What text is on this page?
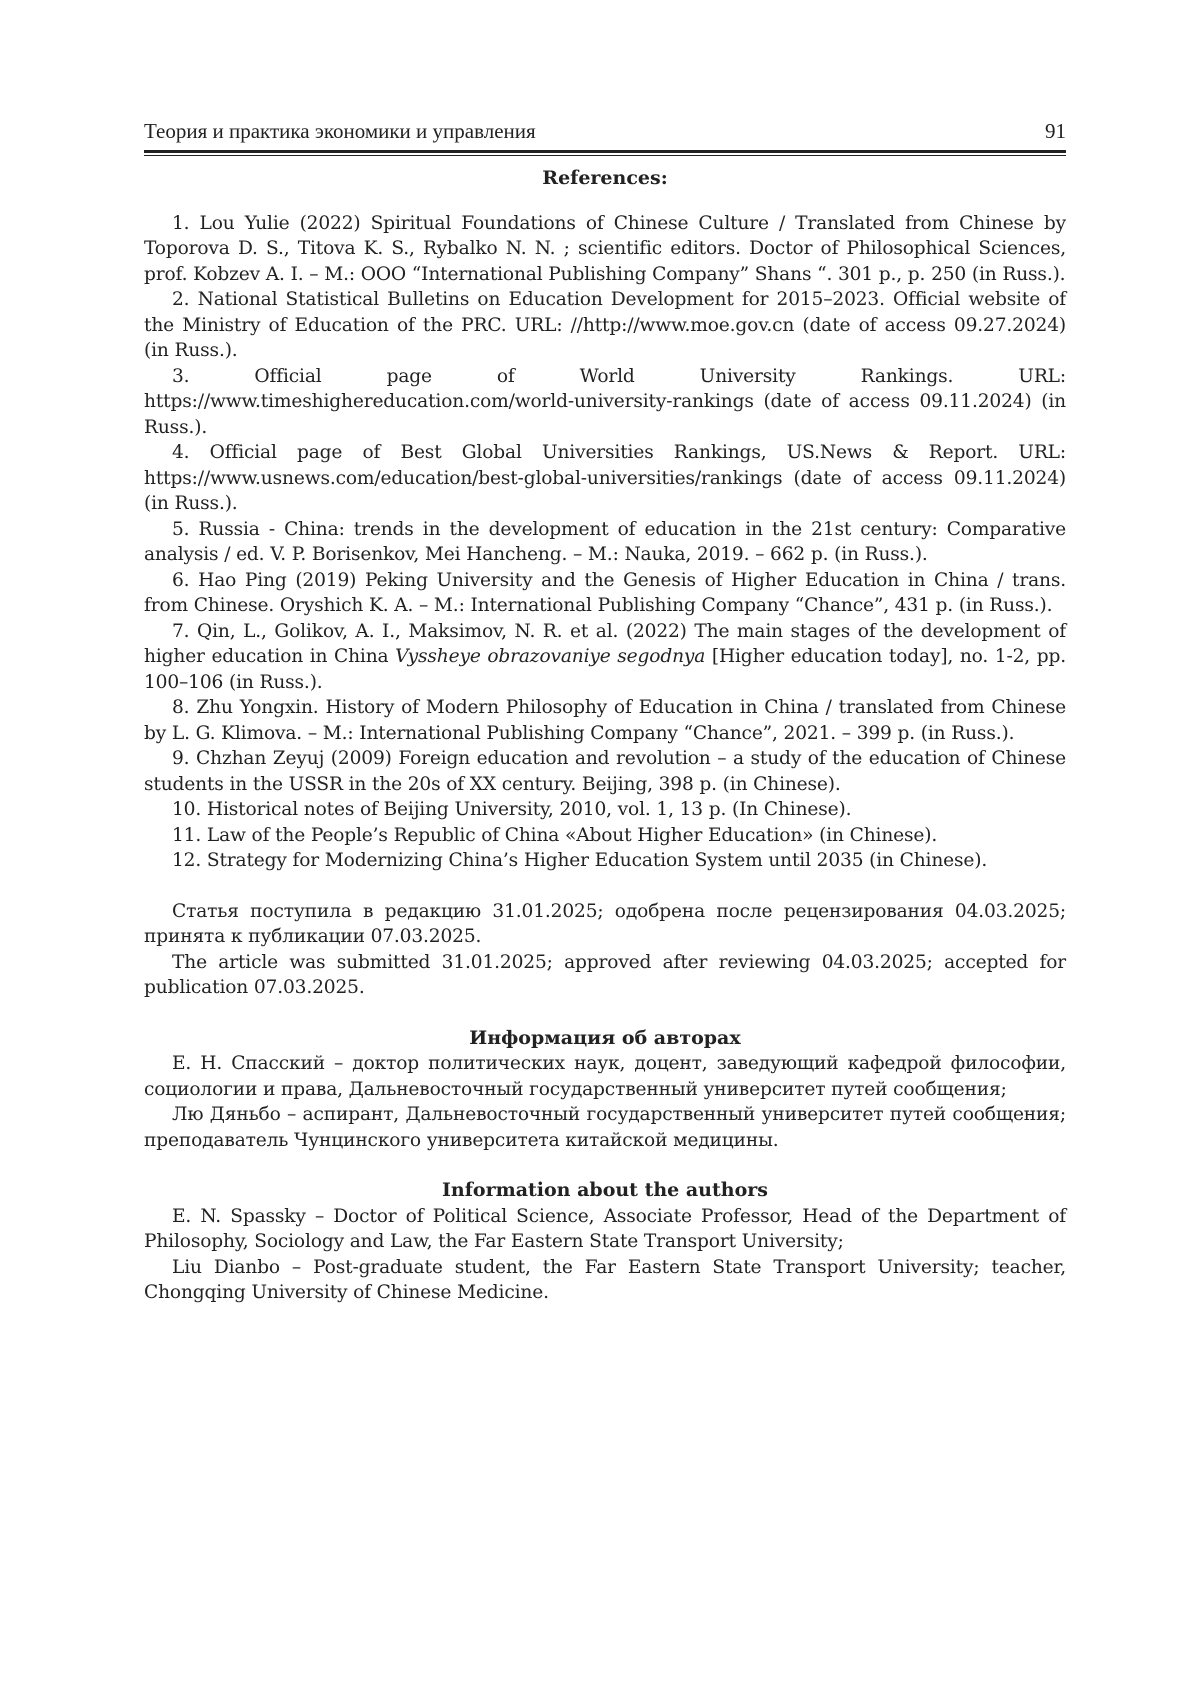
Теория и практика экономики и управления	91
References:

1. Lou Yulie (2022) Spiritual Foundations of Chinese Culture / Translated from Chinese by Toporova D. S., Titova K. S., Rybalko N. N. ; scientific editors. Doctor of Philosophical Sciences, prof. Kobzev A. I. – M.: OOO “International Publishing Company” Shans “. 301 p., p. 250 (in Russ.).

2. National Statistical Bulletins on Education Development for 2015–2023. Official website of the Ministry of Education of the PRC. URL: //http://www.moe.gov.cn (date of access 09.27.2024) (in Russ.).

3. Official page of World University Rankings. URL: https://www.timeshighereducation.com/world-university-rankings (date of access 09.11.2024) (in Russ.).

4. Official page of Best Global Universities Rankings, US.News & Report. URL: https://www.usnews.com/education/best-global-universities/rankings (date of access 09.11.2024) (in Russ.).

5. Russia - China: trends in the development of education in the 21st century: Comparative analysis / ed. V. P. Borisenkov, Mei Hancheng. – M.: Nauka, 2019. – 662 p. (in Russ.).

6. Hao Ping (2019) Peking University and the Genesis of Higher Education in China / trans. from Chinese. Oryshich K. A. – M.: International Publishing Company “Chance”, 431 p. (in Russ.).

7. Qin, L., Golikov, A. I., Maksimov, N. R. et al. (2022) The main stages of the development of higher education in China Vyssheye obrazovaniye segodnya [Higher education today], no. 1-2, pp. 100–106 (in Russ.).

8. Zhu Yongxin. History of Modern Philosophy of Education in China / translated from Chinese by L. G. Klimova. – M.: International Publishing Company “Chance”, 2021. – 399 p. (in Russ.).

9. Chzhan Zeyuj (2009) Foreign education and revolution – a study of the education of Chinese students in the USSR in the 20s of XX century. Beijing, 398 p. (in Chinese).

10. Historical notes of Beijing University, 2010, vol. 1, 13 p. (In Chinese).

11. Law of the People’s Republic of China «About Higher Education» (in Chinese).

12. Strategy for Modernizing China’s Higher Education System until 2035 (in Chinese).

Статья поступила в редакцию 31.01.2025; одобрена после рецензирования 04.03.2025; принята к публикации 07.03.2025.

The article was submitted 31.01.2025; approved after reviewing 04.03.2025; accepted for publication 07.03.2025.

Информация об авторах

Е. Н. Спасский – доктор политических наук, доцент, заведующий кафедрой философии, социологии и права, Дальневосточный государственный университет путей сообщения;

Лю Дяньбо – аспирант, Дальневосточный государственный университет путей сообщения; преподаватель Чунцинского университета китайской медицины.

Information about the authors

E. N. Spassky – Doctor of Political Science, Associate Professor, Head of the Department of Philosophy, Sociology and Law, the Far Eastern State Transport University;

Liu Dianbo – Post-graduate student, the Far Eastern State Transport University; teacher, Chongqing University of Chinese Medicine.
